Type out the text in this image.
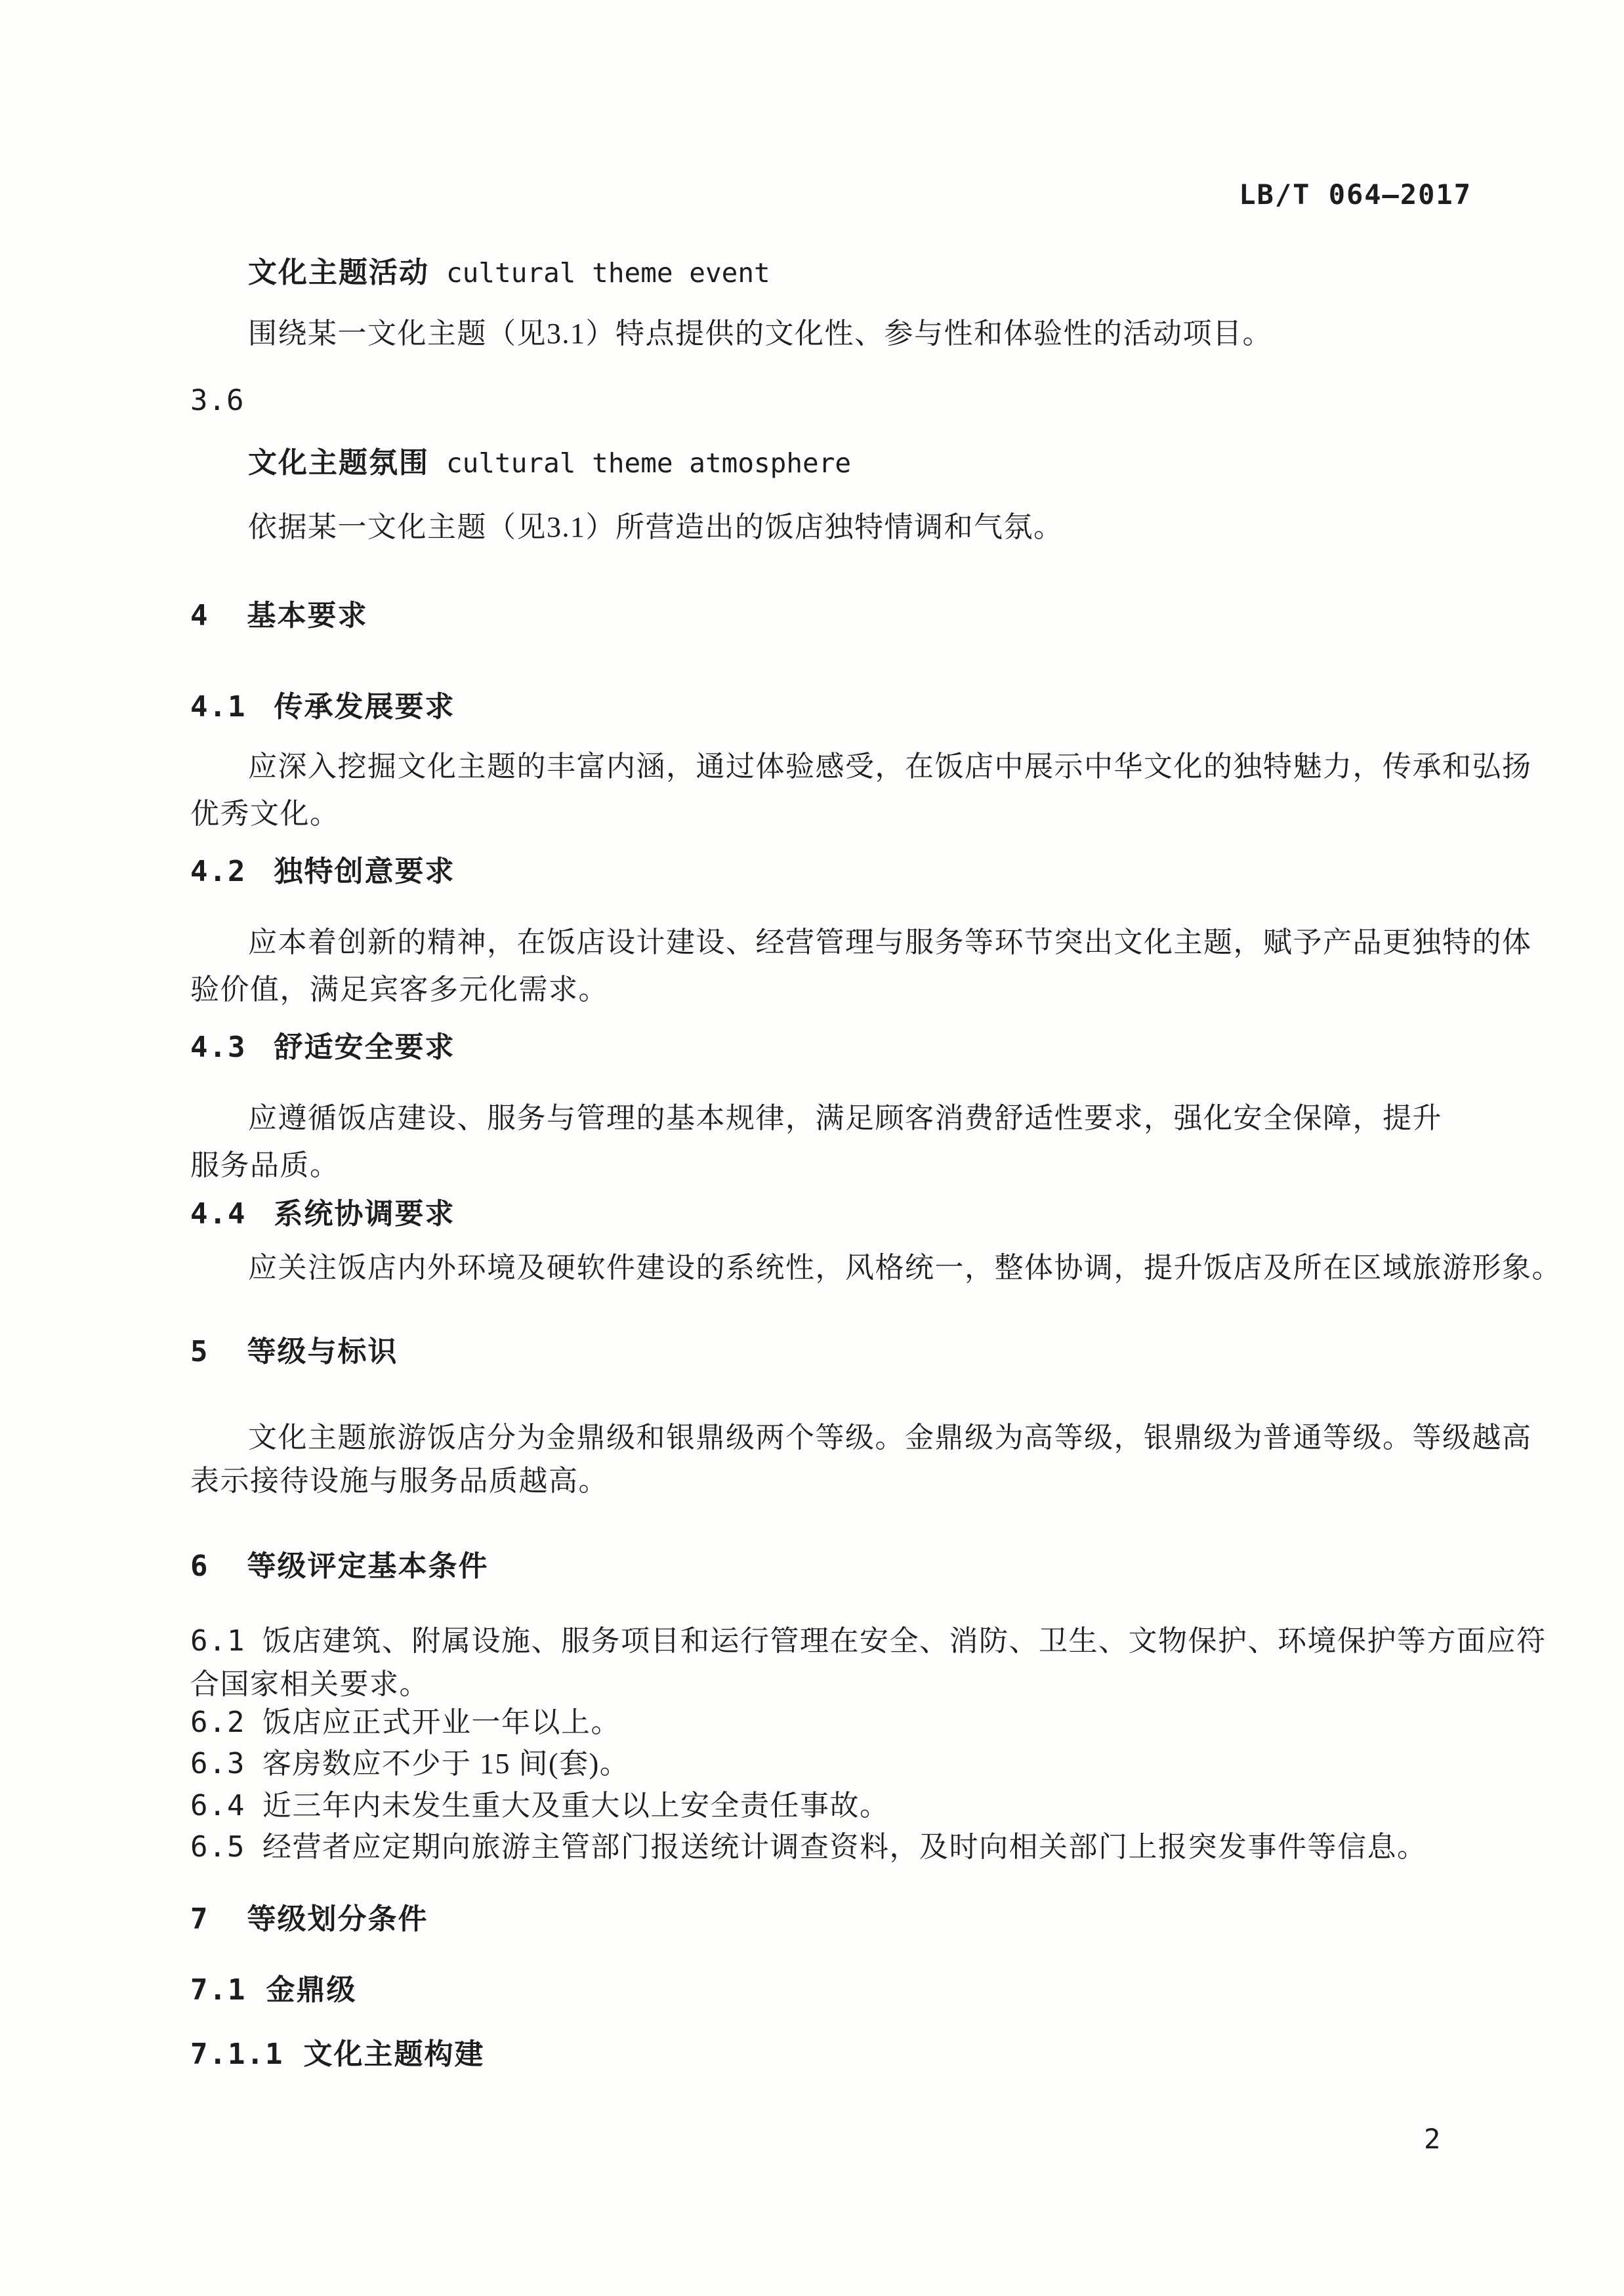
LB/T 064—2017
文化主题活动 cultural theme event
围绕某一文化主题（见3.1）特点提供的文化性、参与性和体验性的活动项目。
3.6
文化主题氛围 cultural theme atmosphere
依据某一文化主题（见3.1）所营造出的饭店独特情调和气氛。
4 基本要求
4.1 传承发展要求
应深入挖掘文化主题的丰富内涵，通过体验感受，在饭店中展示中华文化的独特魅力，传承和弘扬
优秀文化。
4.2 独特创意要求
应本着创新的精神，在饭店设计建设、经营管理与服务等环节突出文化主题，赋予产品更独特的体
验价值，满足宾客多元化需求。
4.3 舒适安全要求
应遵循饭店建设、服务与管理的基本规律，满足顾客消费舒适性要求，强化安全保障，提升
服务品质。
4.4 系统协调要求
应关注饭店内外环境及硬软件建设的系统性，风格统一，整体协调，提升饭店及所在区域旅游形象。
5 等级与标识
文化主题旅游饭店分为金鼎级和银鼎级两个等级。金鼎级为高等级，银鼎级为普通等级。等级越高
表示接待设施与服务品质越高。
6 等级评定基本条件
6.1 饭店建筑、附属设施、服务项目和运行管理在安全、消防、卫生、文物保护、环境保护等方面应符
合国家相关要求。
6.2 饭店应正式开业一年以上。
6.3 客房数应不少于 15 间(套)。
6.4 近三年内未发生重大及重大以上安全责任事故。
6.5 经营者应定期向旅游主管部门报送统计调查资料，及时向相关部门上报突发事件等信息。
7 等级划分条件
7.1 金鼎级
7.1.1 文化主题构建
2
